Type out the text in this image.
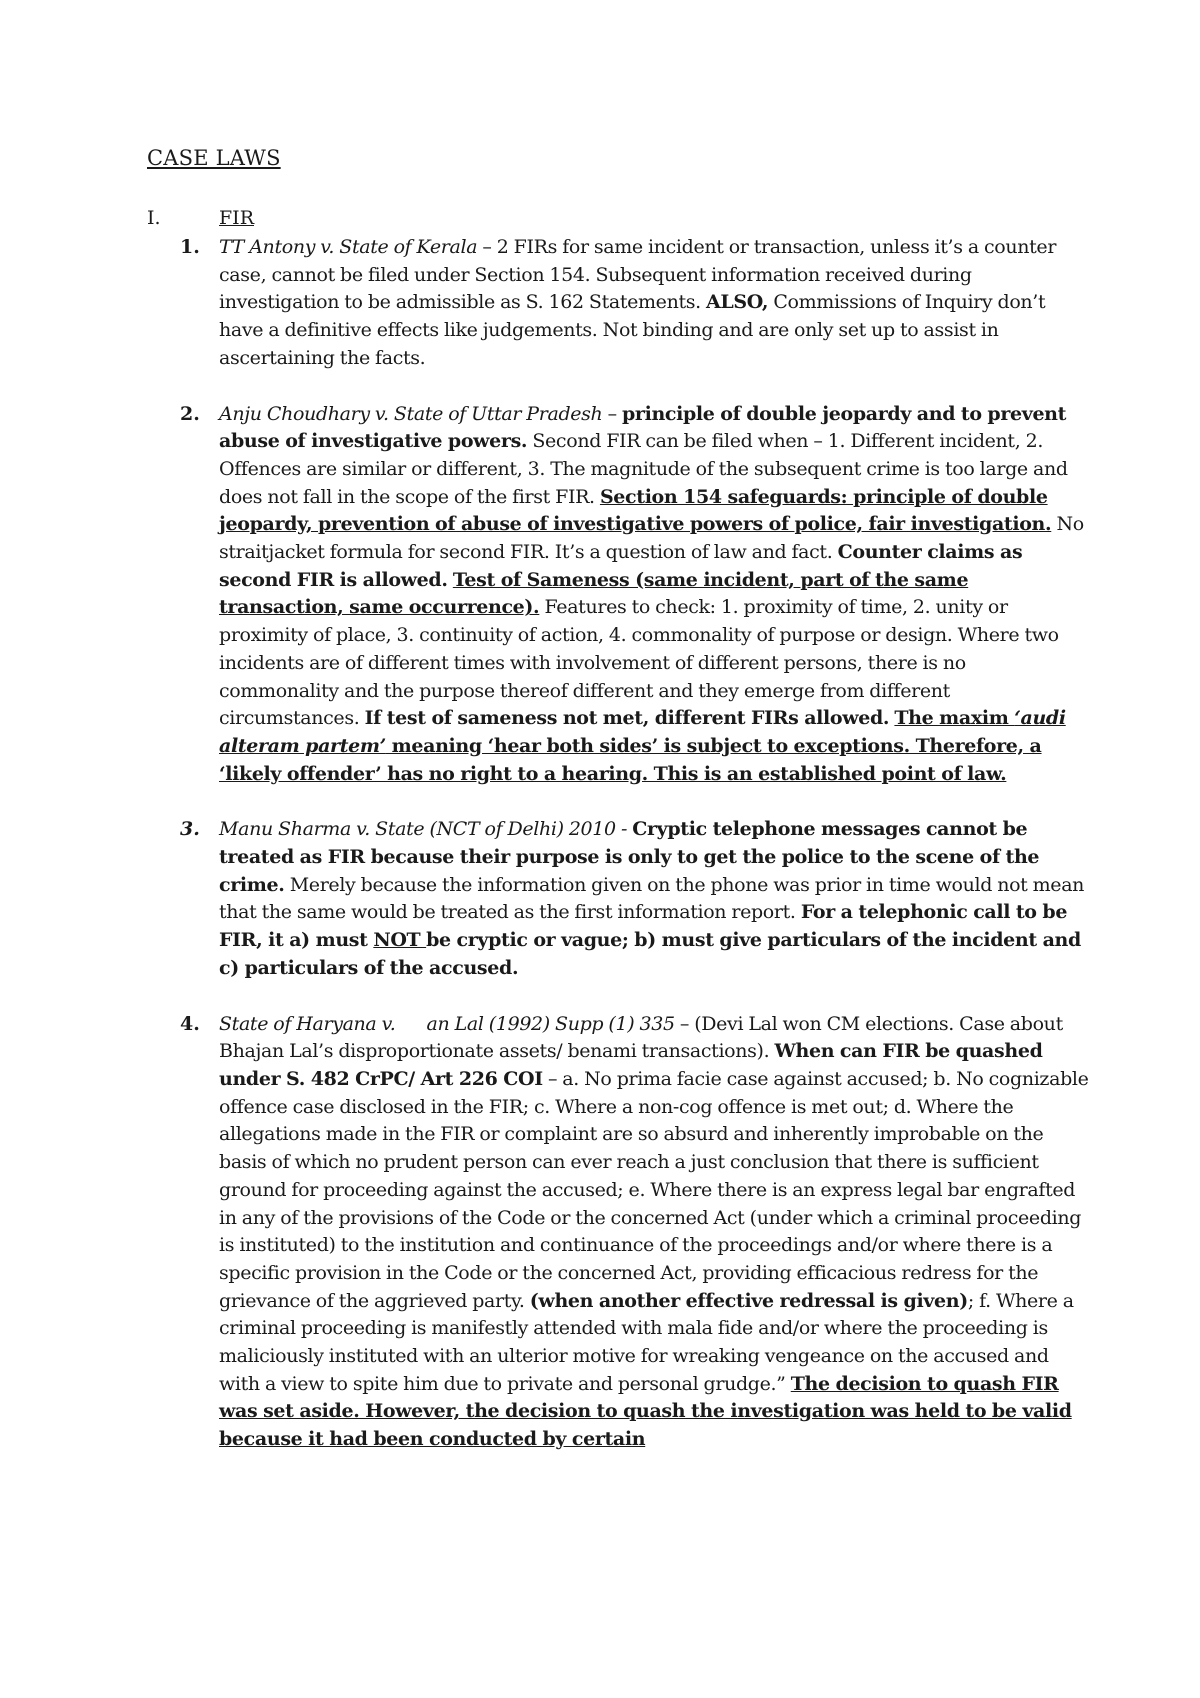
CASE LAWS
I.	FIR
1. TT Antony v. State of Kerala – 2 FIRs for same incident or transaction, unless it’s a counter case, cannot be filed under Section 154. Subsequent information received during investigation to be admissible as S. 162 Statements. ALSO, Commissions of Inquiry don’t have a definitive effects like judgements. Not binding and are only set up to assist in ascertaining the facts.
2. Anju Choudhary v. State of Uttar Pradesh – principle of double jeopardy and to prevent abuse of investigative powers. Second FIR can be filed when – 1. Different incident, 2. Offences are similar or different, 3. The magnitude of the subsequent crime is too large and does not fall in the scope of the first FIR. Section 154 safeguards: principle of double jeopardy, prevention of abuse of investigative powers of police, fair investigation. No straitjacket formula for second FIR. It’s a question of law and fact. Counter claims as second FIR is allowed. Test of Sameness (same incident, part of the same transaction, same occurrence). Features to check: 1. proximity of time, 2. unity or proximity of place, 3. continuity of action, 4. commonality of purpose or design. Where two incidents are of different times with involvement of different persons, there is no commonality and the purpose thereof different and they emerge from different circumstances. If test of sameness not met, different FIRs allowed. The maxim ‘audi alteram partem’ meaning ‘hear both sides’ is subject to exceptions. Therefore, a ‘likely offender’ has no right to a hearing. This is an established point of law.
3. Manu Sharma v. State (NCT of Delhi) 2010 - Cryptic telephone messages cannot be treated as FIR because their purpose is only to get the police to the scene of the crime. Merely because the information given on the phone was prior in time would not mean that the same would be treated as the first information report. For a telephonic call to be FIR, it a) must NOT be cryptic or vague; b) must give particulars of the incident and c) particulars of the accused.
4. State of Haryana v.      an Lal (1992) Supp (1) 335 – (Devi Lal won CM elections. Case about Bhajan Lal’s disproportionate assets/ benami transactions). When can FIR be quashed under S. 482 CrPC/ Art 226 COI – a. No prima facie case against accused; b. No cognizable offence case disclosed in the FIR; c. Where a non-cog offence is met out; d. Where the allegations made in the FIR or complaint are so absurd and inherently improbable on the basis of which no prudent person can ever reach a just conclusion that there is sufficient ground for proceeding against the accused; e. Where there is an express legal bar engrafted in any of the provisions of the Code or the concerned Act (under which a criminal proceeding is instituted) to the institution and continuance of the proceedings and/or where there is a specific provision in the Code or the concerned Act, providing efficacious redress for the grievance of the aggrieved party. (when another effective redressal is given); f. Where a criminal proceeding is manifestly attended with mala fide and/or where the proceeding is maliciously instituted with an ulterior motive for wreaking vengeance on the accused and with a view to spite him due to private and personal grudge.” The decision to quash FIR was set aside. However, the decision to quash the investigation was held to be valid because it had been conducted by certain
